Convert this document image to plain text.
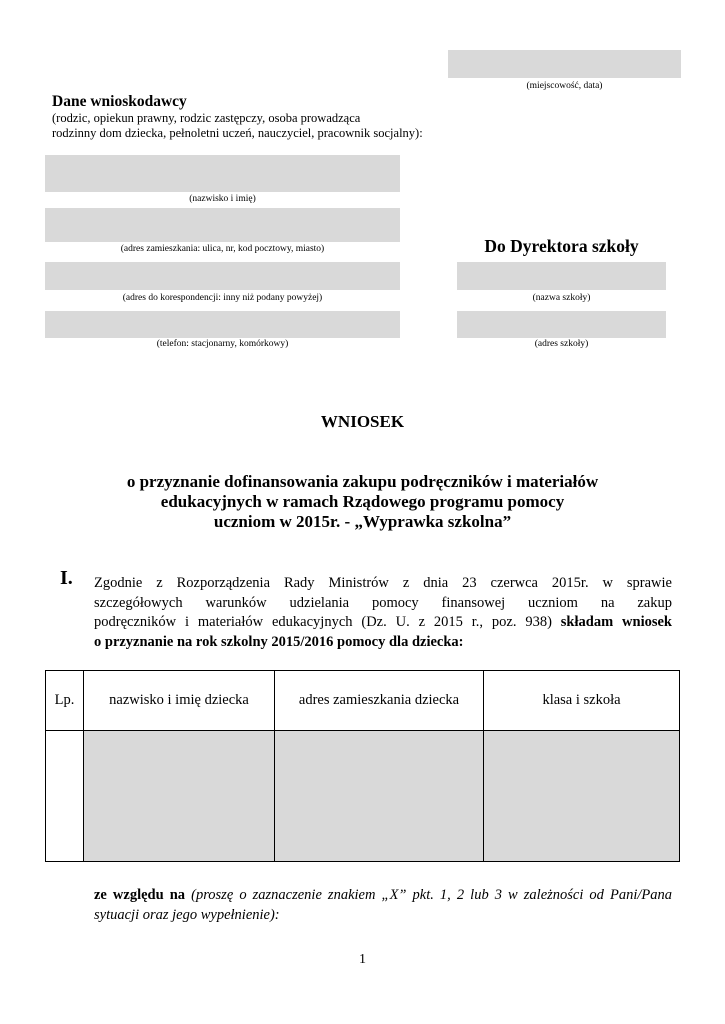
(miejscowość, data)
Dane wnioskodawcy
(rodzic, opiekun prawny, rodzic zastępczy, osoba prowadząca
rodzinny dom dziecka, pełnoletni uczeń, nauczyciel, pracownik socjalny):
(nazwisko i imię)
(adres zamieszkania: ulica, nr, kod pocztowy, miasto)
(adres do korespondencji: inny niż podany powyżej)
(telefon: stacjonarny, komórkowy)
Do Dyrektora szkoły
(nazwa szkoły)
(adres szkoły)
WNIOSEK
o przyznanie dofinansowania zakupu podręczników i materiałów
edukacyjnych w ramach Rządowego programu pomocy
uczniom w 2015r. - „Wyprawka szkolna”
I. Zgodnie z Rozporządzenia Rady Ministrów z dnia 23 czerwca 2015r. w sprawie
szczegółowych warunków udzielania pomocy finansowej uczniom na zakup
podręczników i materiałów edukacyjnych (Dz. U. z 2015 r., poz. 938) składam wniosek
o przyznanie na rok szkolny 2015/2016 pomocy dla dziecka:
Lp.	nazwisko i imię dziecka	adres zamieszkania dziecka	klasa i szkoła

ze względu na (proszę o zaznaczenie znakiem „X” pkt. 1, 2 lub 3 w zależności od Pani/Pana
sytuacji oraz jego wypełnienie):
1
